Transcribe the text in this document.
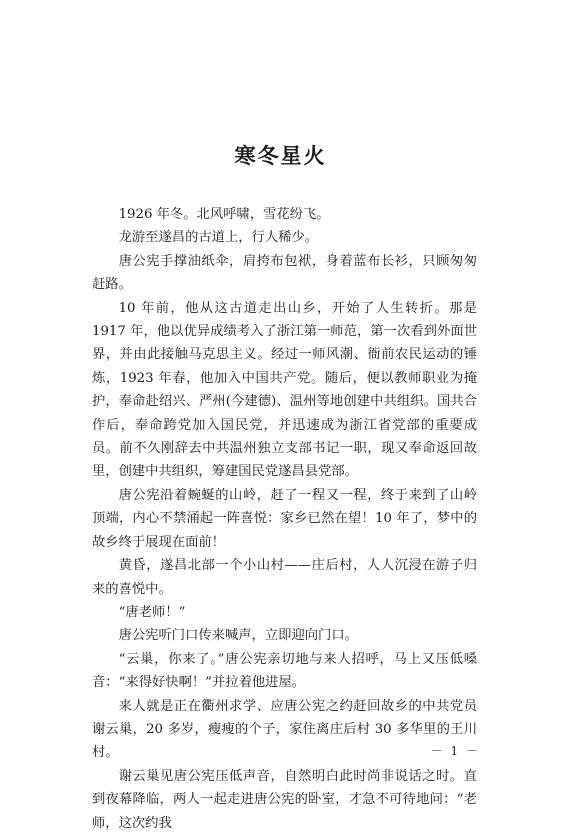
寒冬星火

1926 年冬。北风呼啸，雪花纷飞。

龙游至遂昌的古道上，行人稀少。

唐公宪手撑油纸伞，肩挎布包袱，身着蓝布长衫，只顾匆匆赶路。

10 年前，他从这古道走出山乡，开始了人生转折。那是 1917 年，他以优异成绩考入了浙江第一师范，第一次看到外面世界，并由此接触马克思主义。经过一师风潮、衙前农民运动的锤炼，1923 年春，他加入中国共产党。随后，便以教师职业为掩护，奉命赴绍兴、严州(今建德)、温州等地创建中共组织。国共合作后，奉命跨党加入国民党，并迅速成为浙江省党部的重要成员。前不久刚辞去中共温州独立支部书记一职，现又奉命返回故里，创建中共组织，筹建国民党遂昌县党部。

唐公宪沿着蜿蜒的山岭，赶了一程又一程，终于来到了山岭顶端，内心不禁涌起一阵喜悦：家乡已然在望！10 年了，梦中的故乡终于展现在面前！

黄昏，遂昌北部一个小山村——庄后村，人人沉浸在游子归来的喜悦中。

“唐老师！”

唐公宪听门口传来喊声，立即迎向门口。

“云巢，你来了。”唐公宪亲切地与来人招呼，马上又压低嗓音：“来得好快啊！”并拉着他进屋。

来人就是正在衢州求学、应唐公宪之约赶回故乡的中共党员谢云巢，20 多岁，瘦瘦的个子，家住离庄后村 30 多华里的王川村。

谢云巢见唐公宪压低声音，自然明白此时尚非说话之时。直到夜幕降临，两人一起走进唐公宪的卧室，才急不可待地问：“老师，这次约我

－ 1 －
